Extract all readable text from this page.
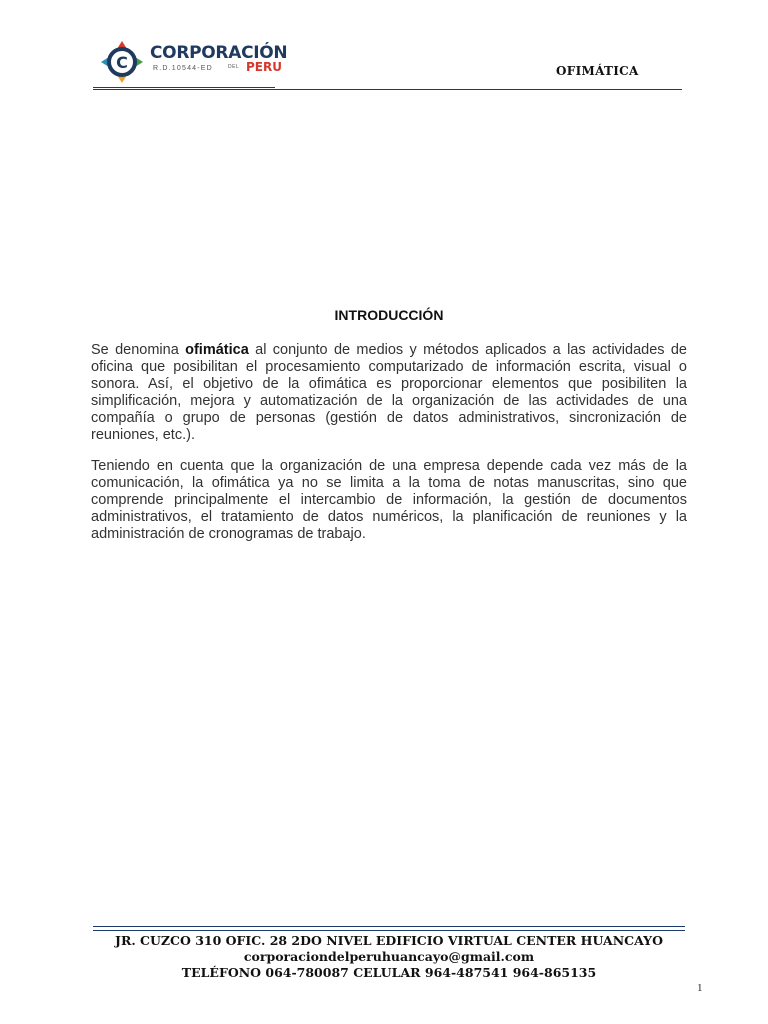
C CORPORACIÓN
R.D.10544-ED	DEL PERU	OFIMÁTICA
INTRODUCCIÓN

Se denomina ofimática al conjunto de medios y métodos aplicados a las actividades de oficina que posibilitan el procesamiento computarizado de información escrita, visual o sonora. Así, el objetivo de la ofimática es proporcionar elementos que posibiliten la simplificación, mejora y automatización de la organización de las actividades de una compañía o grupo de personas (gestión de datos administrativos, sincronización de reuniones, etc.).

Teniendo en cuenta que la organización de una empresa depende cada vez más de la comunicación, la ofimática ya no se limita a la toma de notas manuscritas, sino que comprende principalmente el intercambio de información, la gestión de documentos administrativos, el tratamiento de datos numéricos, la planificación de reuniones y la administración de cronogramas de trabajo.

JR. CUZCO 310 OFIC. 28 2DO NIVEL EDIFICIO VIRTUAL CENTER HUANCAYO
corporaciondelperuhuancayo@gmail.com
TELÉFONO 064-780087 CELULAR 964-487541 964-865135
1
